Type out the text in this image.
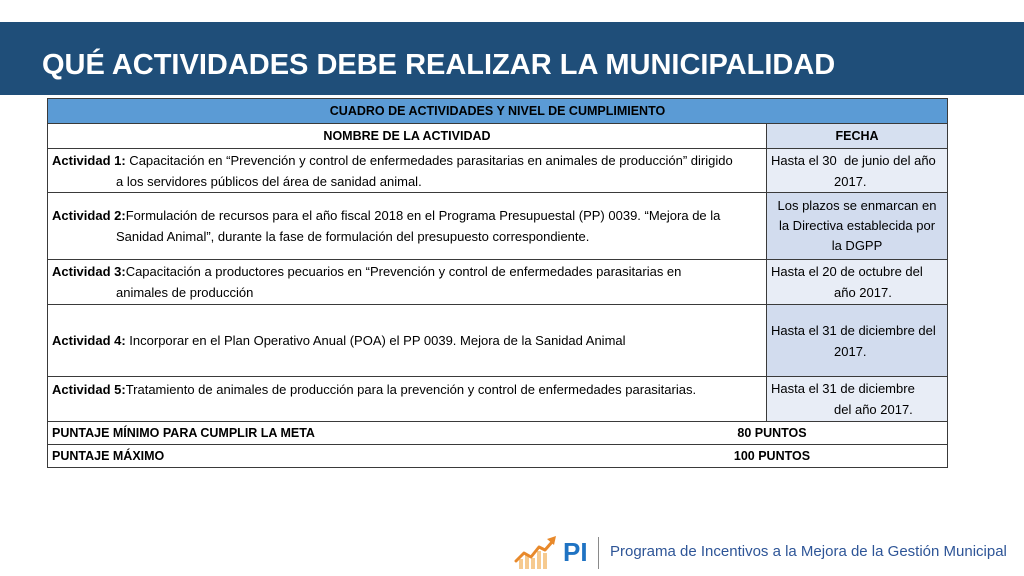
QUÉ ACTIVIDADES DEBE REALIZAR LA MUNICIPALIDAD
CUADRO DE ACTIVIDADES Y NIVEL DE CUMPLIMIENTO	
NOMBRE DE LA ACTIVIDAD	FECHA

Actividad 1: Capacitación en “Prevención y control de enfermedades parasitarias en animales de producción” dirigido
a los servidores públicos del área de sanidad animal.	Hasta el 30  de junio del año
2017.

Actividad 2:Formulación de recursos para el año fiscal 2018 en el Programa Presupuestal (PP) 0039. “Mejora de la
Sanidad Animal”, durante la fase de formulación del presupuesto correspondiente.	Los plazos se enmarcan en
la Directiva establecida por
la DGPP

Actividad 3:Capacitación a productores pecuarios en “Prevención y control de enfermedades parasitarias en
animales de producción	Hasta el 20 de octubre del
año 2017.

Actividad 4: Incorporar en el Plan Operativo Anual (POA) el PP 0039. Mejora de la Sanidad Animal	Hasta el 31 de diciembre del
2017.

Actividad 5:Tratamiento de animales de producción para la prevención y control de enfermedades parasitarias.	Hasta el 31 de diciembre
del año 2017.

PUNTAJE MÍNIMO PARA CUMPLIR LA META 80 PUNTOS	
PUNTAJE MÁXIMO 100 PUNTOS	
PI Programa de Incentivos a la Mejora de la Gestión Municipal
